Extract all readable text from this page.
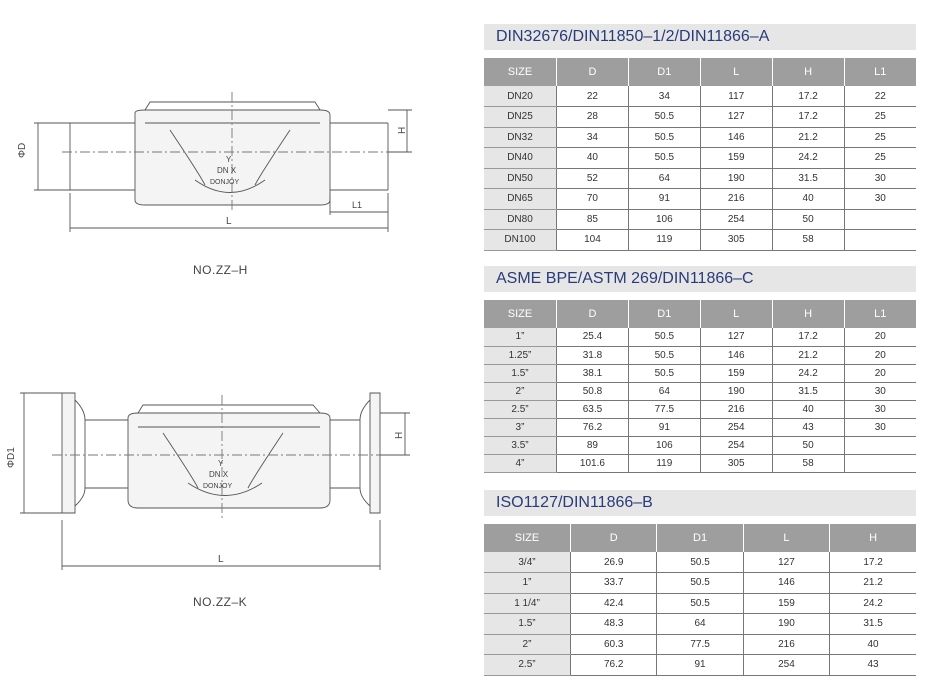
ΦD
H
L
L1
Y
DN X
DONJOY
ΦD1
H
L
Y
DN X
DONJOY
NO.ZZ–H
NO.ZZ–K
DIN32676/DIN11850–1/2/DIN11866–A
SIZE	D	D1	L	H	L1
DN20	22	34	117	17.2	22
DN25	28	50.5	127	17.2	25
DN32	34	50.5	146	21.2	25
DN40	40	50.5	159	24.2	25
DN50	52	64	190	31.5	30
DN65	70	91	216	40	30
DN80	85	106	254	50	
DN100	104	119	305	58	
ASME BPE/ASTM 269/DIN11866–C
SIZE	D	D1	L	H	L1
1”	25.4	50.5	127	17.2	20
1.25”	31.8	50.5	146	21.2	20
1.5”	38.1	50.5	159	24.2	20
2”	50.8	64	190	31.5	30
2.5”	63.5	77.5	216	40	30
3”	76.2	91	254	43	30
3.5”	89	106	254	50	
4”	101.6	119	305	58	
ISO1127/DIN11866–B
SIZE	D	D1	L	H
3/4”	26.9	50.5	127	17.2
1”	33.7	50.5	146	21.2
1 1/4”	42.4	50.5	159	24.2
1.5”	48.3	64	190	31.5
2”	60.3	77.5	216	40
2.5”	76.2	91	254	43
